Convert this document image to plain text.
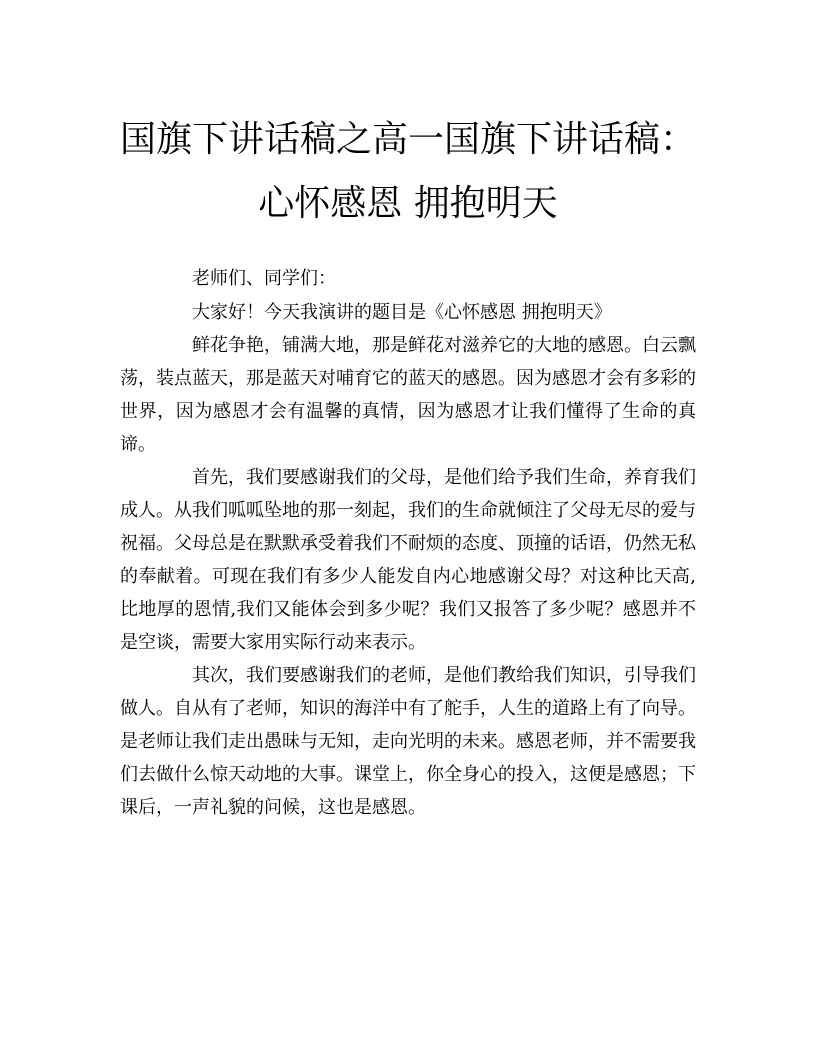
国旗下讲话稿之高一国旗下讲话稿：心怀感恩 拥抱明天

老师们、同学们：

大家好！今天我演讲的题目是《心怀感恩 拥抱明天》

鲜花争艳，铺满大地，那是鲜花对滋养它的大地的感恩。白云飘荡，装点蓝天，那是蓝天对哺育它的蓝天的感恩。因为感恩才会有多彩的世界，因为感恩才会有温馨的真情，因为感恩才让我们懂得了生命的真谛。

首先，我们要感谢我们的父母，是他们给予我们生命，养育我们成人。从我们呱呱坠地的那一刻起，我们的生命就倾注了父母无尽的爱与祝福。父母总是在默默承受着我们不耐烦的态度、顶撞的话语，仍然无私的奉献着。可现在我们有多少人能发自内心地感谢父母？对这种比天高,比地厚的恩情,我们又能体会到多少呢？我们又报答了多少呢？感恩并不是空谈，需要大家用实际行动来表示。

其次，我们要感谢我们的老师，是他们教给我们知识，引导我们做人。自从有了老师，知识的海洋中有了舵手，人生的道路上有了向导。是老师让我们走出愚昧与无知，走向光明的未来。感恩老师，并不需要我们去做什么惊天动地的大事。课堂上，你全身心的投入，这便是感恩；下课后，一声礼貌的问候，这也是感恩。
